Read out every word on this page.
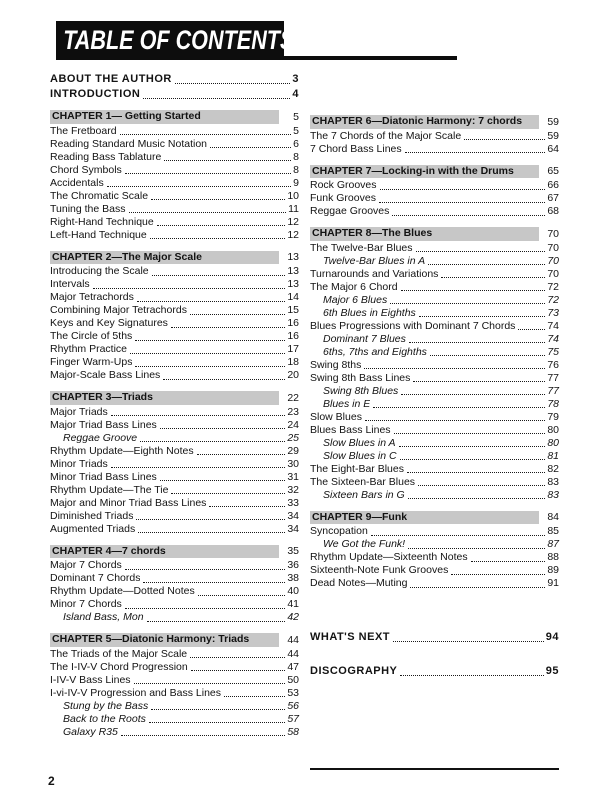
TABLE OF CONTENTS
ABOUT THE AUTHOR	3
INTRODUCTION	4
CHAPTER 1— Getting Started	5
The Fretboard	5
Reading Standard Music Notation	6
Reading Bass Tablature	8
Chord Symbols	8
Accidentals	9
The Chromatic Scale	10
Tuning the Bass	11
Right-Hand Technique	12
Left-Hand Technique	12
CHAPTER 2—The Major Scale	13
Introducing the Scale	13
Intervals	13
Major Tetrachords	14
Combining Major Tetrachords	15
Keys and Key Signatures	16
The Circle of 5ths	16
Rhythm Practice	17
Finger Warm-Ups	18
Major-Scale Bass Lines	20
CHAPTER 3—Triads	22
Major Triads	23
Major Triad Bass Lines	24
Reggae Groove	25
Rhythm Update—Eighth Notes	29
Minor Triads	30
Minor Triad Bass Lines	31
Rhythm Update—The Tie	32
Major and Minor Triad Bass Lines	33
Diminished Triads	34
Augmented Triads	34
CHAPTER 4—7 chords	35
Major 7 Chords	36
Dominant 7 Chords	38
Rhythm Update—Dotted Notes	40
Minor 7 Chords	41
Island Bass, Mon	42
CHAPTER 5—Diatonic Harmony: Triads	44
The Triads of the Major Scale	44
The I-IV-V Chord Progression	47
I-IV-V Bass Lines	50
I-vi-IV-V Progression and Bass Lines	53
Stung by the Bass	56
Back to the Roots	57
Galaxy R35	58
CHAPTER 6—Diatonic Harmony: 7 chords	59
The 7 Chords of the Major Scale	59
7 Chord Bass Lines	64
CHAPTER 7—Locking-in with the Drums	65
Rock Grooves	66
Funk Grooves	67
Reggae Grooves	68
CHAPTER 8—The Blues	70
The Twelve-Bar Blues	70
Twelve-Bar Blues in A	70
Turnarounds and Variations	70
The Major 6 Chord	72
Major 6 Blues	72
6th Blues in Eighths	73
Blues Progressions with Dominant 7 Chords	74
Dominant 7 Blues	74
6ths, 7ths and Eighths	75
Swing 8ths	76
Swing 8th Bass Lines	77
Swing 8th Blues	77
Blues in E	78
Slow Blues	79
Blues Bass Lines	80
Slow Blues in A	80
Slow Blues in C	81
The Eight-Bar Blues	82
The Sixteen-Bar Blues	83
Sixteen Bars in G	83
CHAPTER 9—Funk	84
Syncopation	85
We Got the Funk!	87
Rhythm Update—Sixteenth Notes	88
Sixteenth-Note Funk Grooves	89
Dead Notes—Muting	91
WHAT'S NEXT	94
DISCOGRAPHY	95
2
